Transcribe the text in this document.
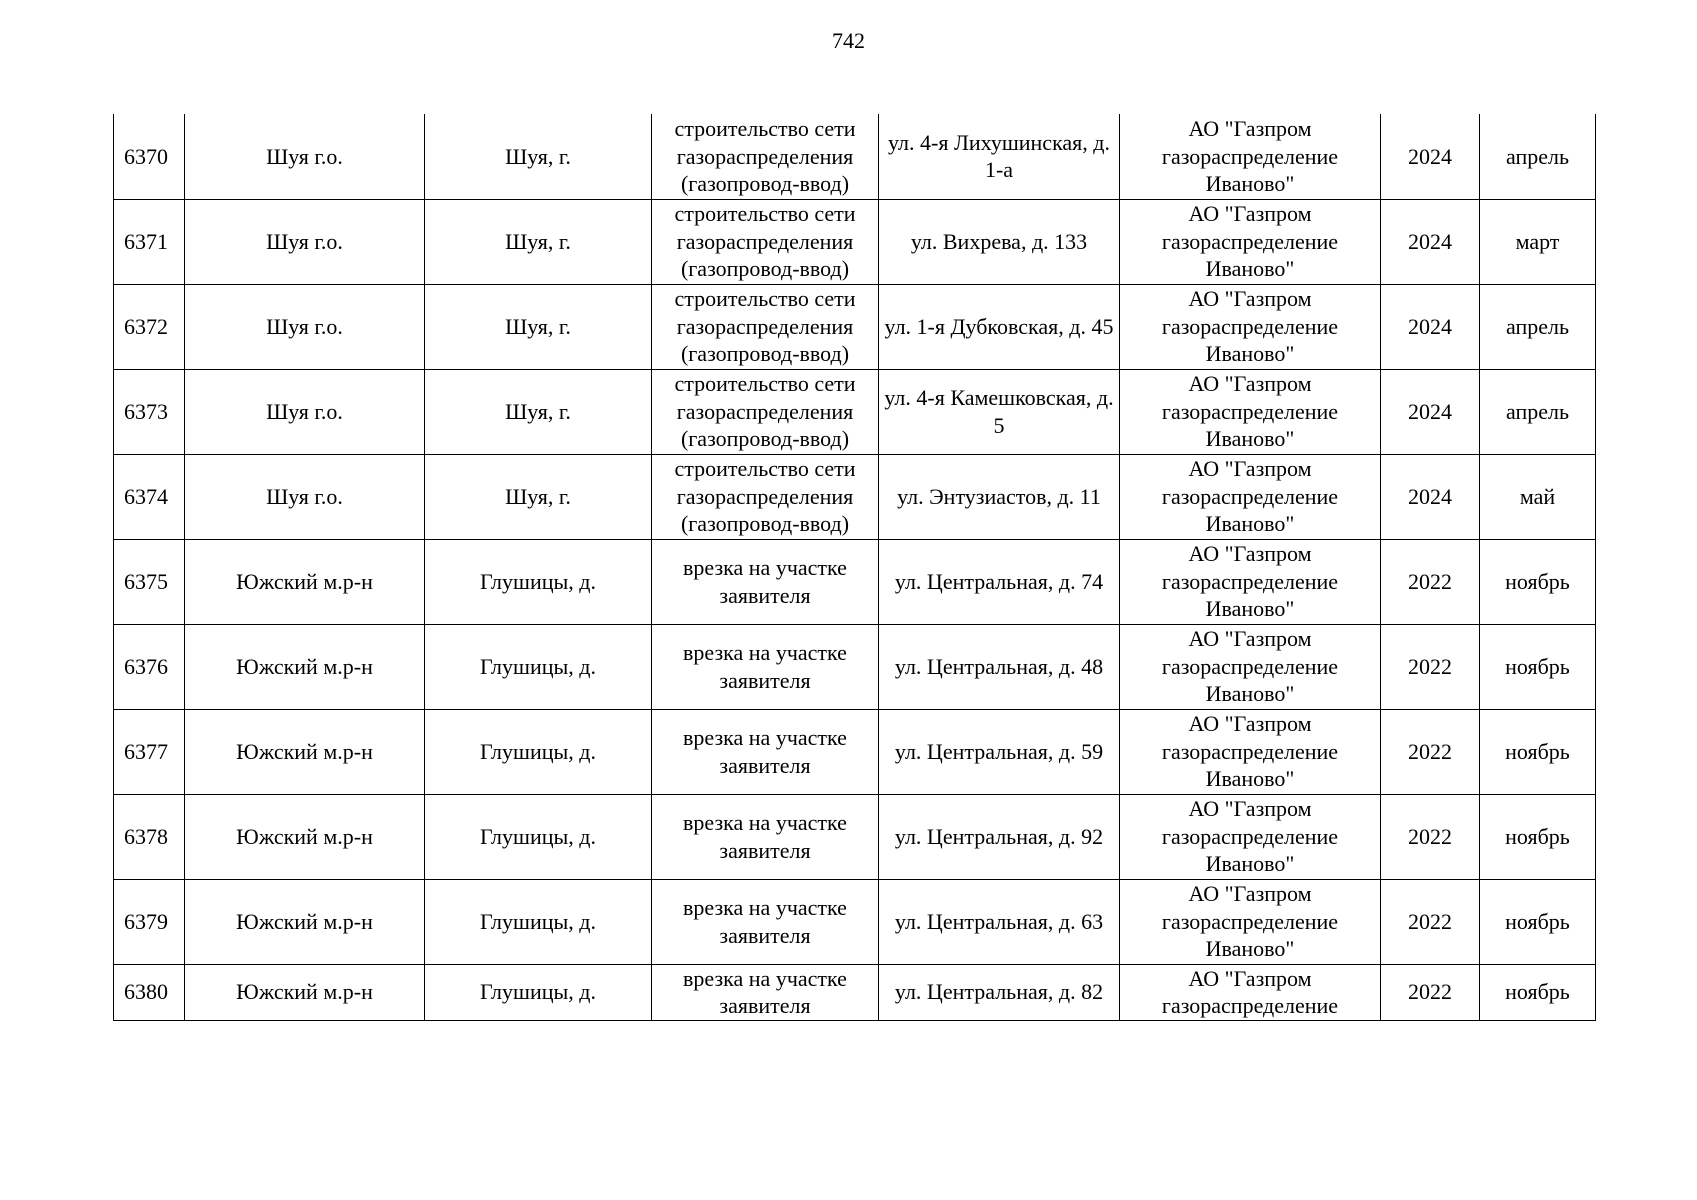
742
6370	Шуя г.о.	Шуя, г.	строительство сети газораспределения (газопровод-ввод)	ул. 4-я Лихушинская, д. 1-а	АО "Газпром газораспределение Иваново"	2024	апрель

6371	Шуя г.о.	Шуя, г.	строительство сети газораспределения (газопровод-ввод)	ул. Вихрева, д. 133	АО "Газпром газораспределение Иваново"	2024	март

6372	Шуя г.о.	Шуя, г.	строительство сети газораспределения (газопровод-ввод)	ул. 1-я Дубковская, д. 45	АО "Газпром газораспределение Иваново"	2024	апрель

6373	Шуя г.о.	Шуя, г.	строительство сети газораспределения (газопровод-ввод)	ул. 4-я Камешковская, д. 5	АО "Газпром газораспределение Иваново"	2024	апрель

6374	Шуя г.о.	Шуя, г.	строительство сети газораспределения (газопровод-ввод)	ул. Энтузиастов, д. 11	АО "Газпром газораспределение Иваново"	2024	май

6375	Южский м.р-н	Глушицы, д.	врезка на участке заявителя	ул. Центральная, д. 74	АО "Газпром газораспределение Иваново"	2022	ноябрь

6376	Южский м.р-н	Глушицы, д.	врезка на участке заявителя	ул. Центральная, д. 48	АО "Газпром газораспределение Иваново"	2022	ноябрь

6377	Южский м.р-н	Глушицы, д.	врезка на участке заявителя	ул. Центральная, д. 59	АО "Газпром газораспределение Иваново"	2022	ноябрь

6378	Южский м.р-н	Глушицы, д.	врезка на участке заявителя	ул. Центральная, д. 92	АО "Газпром газораспределение Иваново"	2022	ноябрь

6379	Южский м.р-н	Глушицы, д.	врезка на участке заявителя	ул. Центральная, д. 63	АО "Газпром газораспределение Иваново"	2022	ноябрь

6380	Южский м.р-н	Глушицы, д.	врезка на участке заявителя	ул. Центральная, д. 82	АО "Газпром газораспределение	2022	ноябрь
